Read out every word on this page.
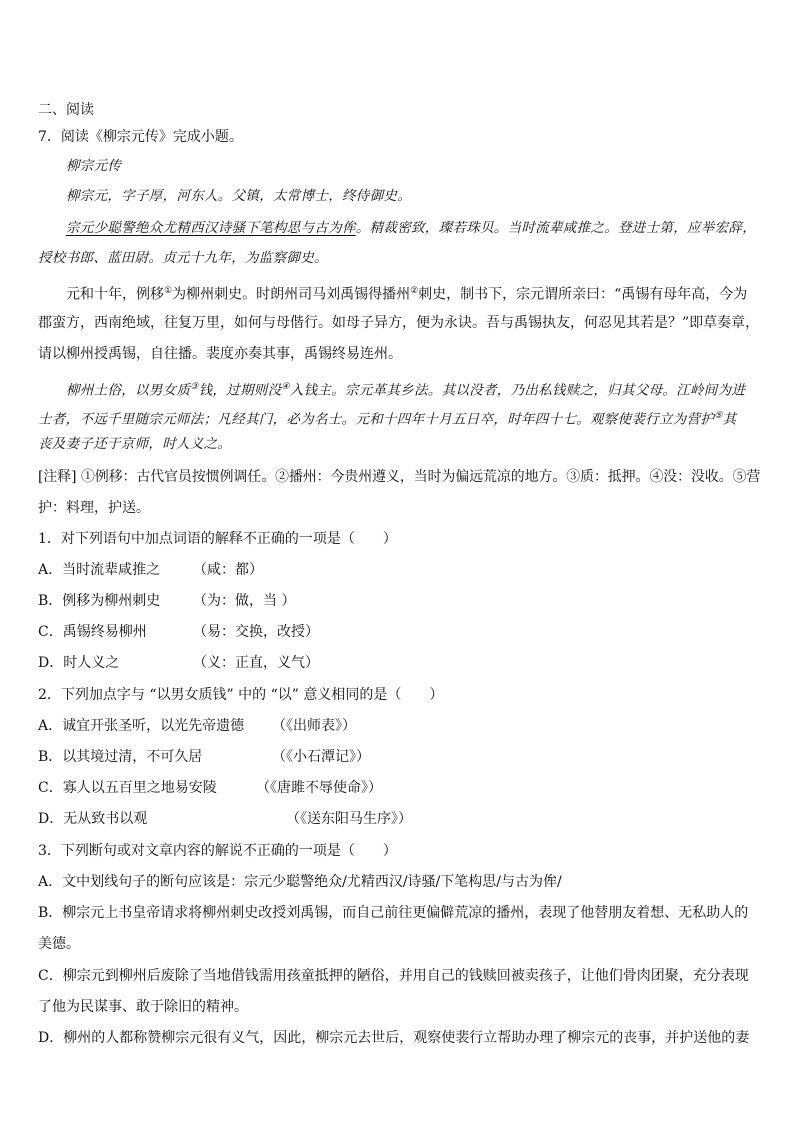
二、阅读
7．阅读《柳宗元传》完成小题。
柳宗元传
柳宗元，字子厚，河东人。父镇，太常博士，终侍御史。
宗元少聪警绝众尤精西汉诗骚下笔构思与古为侔。精裁密致，璨若珠贝。当时流辈咸推之。登进士第，应举宏辞，
授校书郎、蓝田尉。贞元十九年，为监察御史。
元和十年，例移①为柳州刺史。时朗州司马刘禹锡得播州②刺史，制书下，宗元谓所亲曰：“禹锡有母年高，今为
郡蛮方，西南绝域，往复万里，如何与母偕行。如母子异方，便为永诀。吾与禹锡执友，何忍见其若是？”即草奏章，
请以柳州授禹锡，自往播。裴度亦奏其事，禹锡终易连州。
柳州土俗，以男女质③钱，过期则没④入钱主。宗元革其乡法。其以没者，乃出私钱赎之，归其父母。江岭间为进
士者，不远千里随宗元师法；凡经其门，必为名士。元和十四年十月五日卒，时年四十七。观察使裴行立为营护⑤其
丧及妻子还于京师，时人义之。
[注释] ①例移：古代官员按惯例调任。②播州：今贵州遵义，当时为偏远荒凉的地方。③质：抵押。④没：没收。⑤营
护：料理，护送。
1．对下列语句中加点词语的解释不正确的一项是（　　）
A．当时流辈咸推之 （咸：都）
B．例移为柳州刺史 （为：做，当 ）
C．禹锡终易柳州	（易：交换，改授）
D．时人义之	（义：正直，义气）
2．下列加点字与 “以男女质钱” 中的 “以” 意义相同的是（　　）
A．诚宜开张圣听，以光先帝遗德 （《出师表》）
B．以其境过清，不可久居	（《小石潭记》）
C．寡人以五百里之地易安陵	（《唐雎不辱使命》）
D．无从致书以观	（《送东阳马生序》）
3．下列断句或对文章内容的解说不正确的一项是（　　）
A．文中划线句子的断句应该是：宗元少聪警绝众/尤精西汉/诗骚/下笔构思/与古为侔/
B．柳宗元上书皇帝请求将柳州刺史改授刘禹锡，而自己前往更偏僻荒凉的播州，表现了他替朋友着想、无私助人的
美德。
C．柳宗元到柳州后废除了当地借钱需用孩童抵押的陋俗，并用自己的钱赎回被卖孩子，让他们骨肉团聚，充分表现
了他为民谋事、敢于除旧的精神。
D．柳州的人都称赞柳宗元很有义气，因此，柳宗元去世后，观察使裴行立帮助办理了柳宗元的丧事，并护送他的妻
